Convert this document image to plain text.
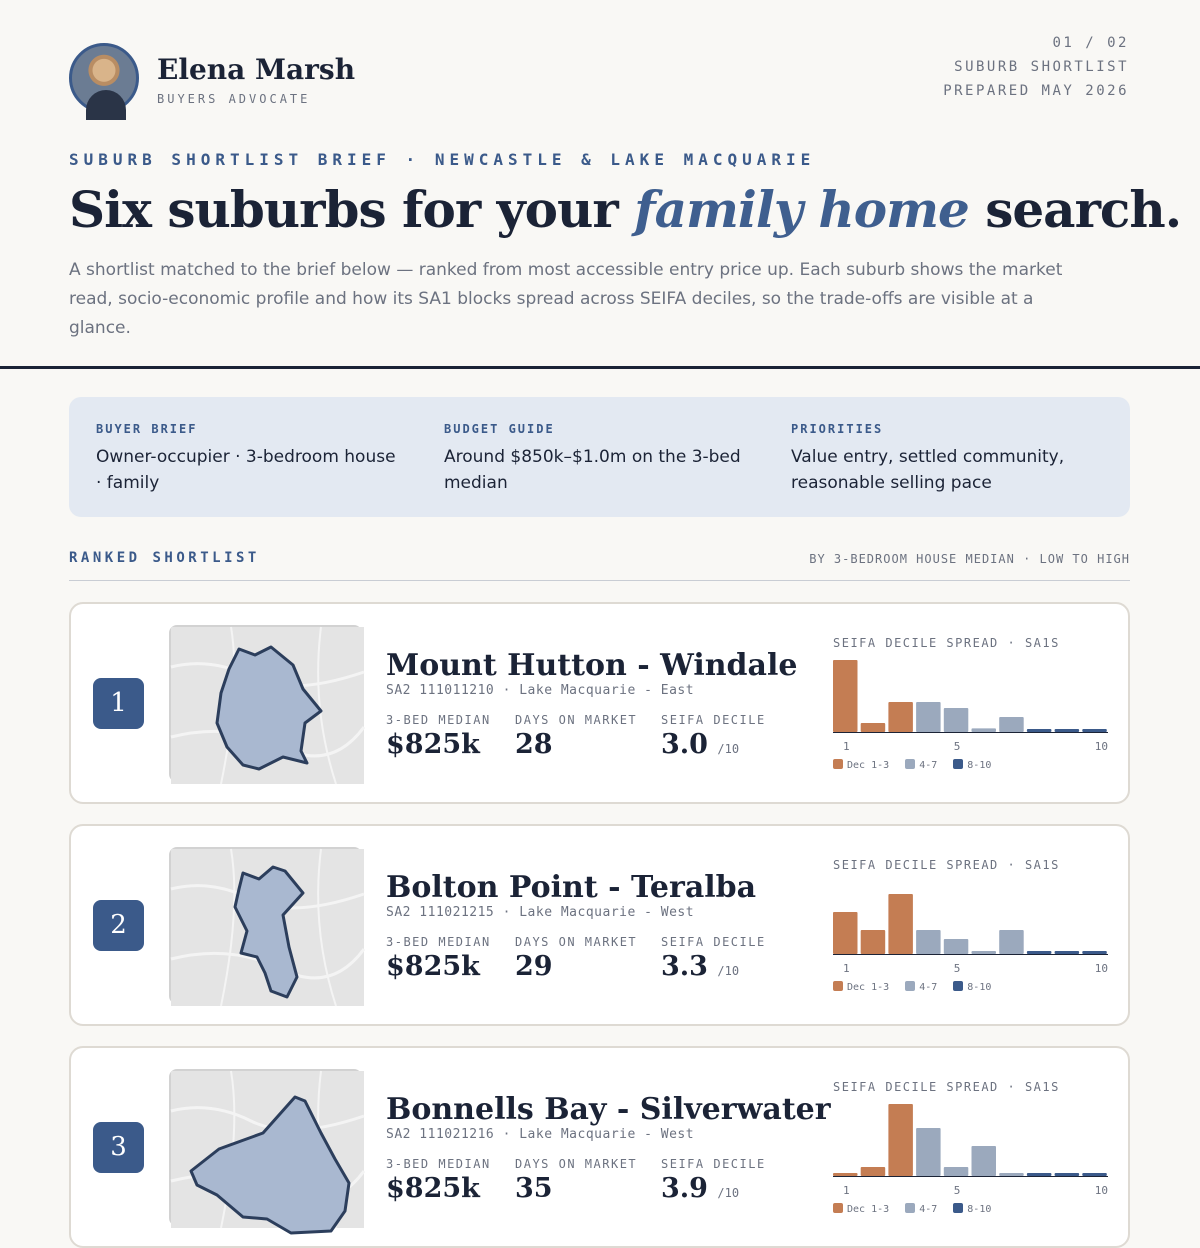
Elena Marsh
BUYERS ADVOCATE
01 / 02
SUBURB SHORTLIST
PREPARED MAY 2026
SUBURB SHORTLIST BRIEF · NEWCASTLE & LAKE MACQUARIE
Six suburbs for your family home search.

A shortlist matched to the brief below — ranked from most accessible entry price up. Each suburb shows the market read, socio-economic profile and how its SA1 blocks spread across SEIFA deciles, so the trade-offs are visible at a glance.

BUYER BRIEF
Owner-occupier · 3-bedroom house · family
BUDGET GUIDE
Around $850k–$1.0m on the 3-bed median
PRIORITIES
Value entry, settled community, reasonable selling pace
RANKED SHORTLIST	BY 3-BEDROOM HOUSE MEDIAN · LOW TO HIGH
1
Mount Hutton - Windale
SA2 111011210 · Lake Macquarie - East
3-BED MEDIAN
$825k
DAYS ON MARKET
28
SEIFA DECILE
3.0 /10
SEIFA DECILE SPREAD · SA1S
Dec 1-3	4-7	8-10
1	5	10
2
Bolton Point - Teralba
SA2 111021215 · Lake Macquarie - West
3-BED MEDIAN
$825k
DAYS ON MARKET
29
SEIFA DECILE
3.3 /10
SEIFA DECILE SPREAD · SA1S
Dec 1-3	4-7	8-10
1	5	10
3
Bonnells Bay - Silverwater
SA2 111021216 · Lake Macquarie - West
3-BED MEDIAN
$825k
DAYS ON MARKET
35
SEIFA DECILE
3.9 /10
SEIFA DECILE SPREAD · SA1S
Dec 1-3	4-7	8-10
1	5	10
